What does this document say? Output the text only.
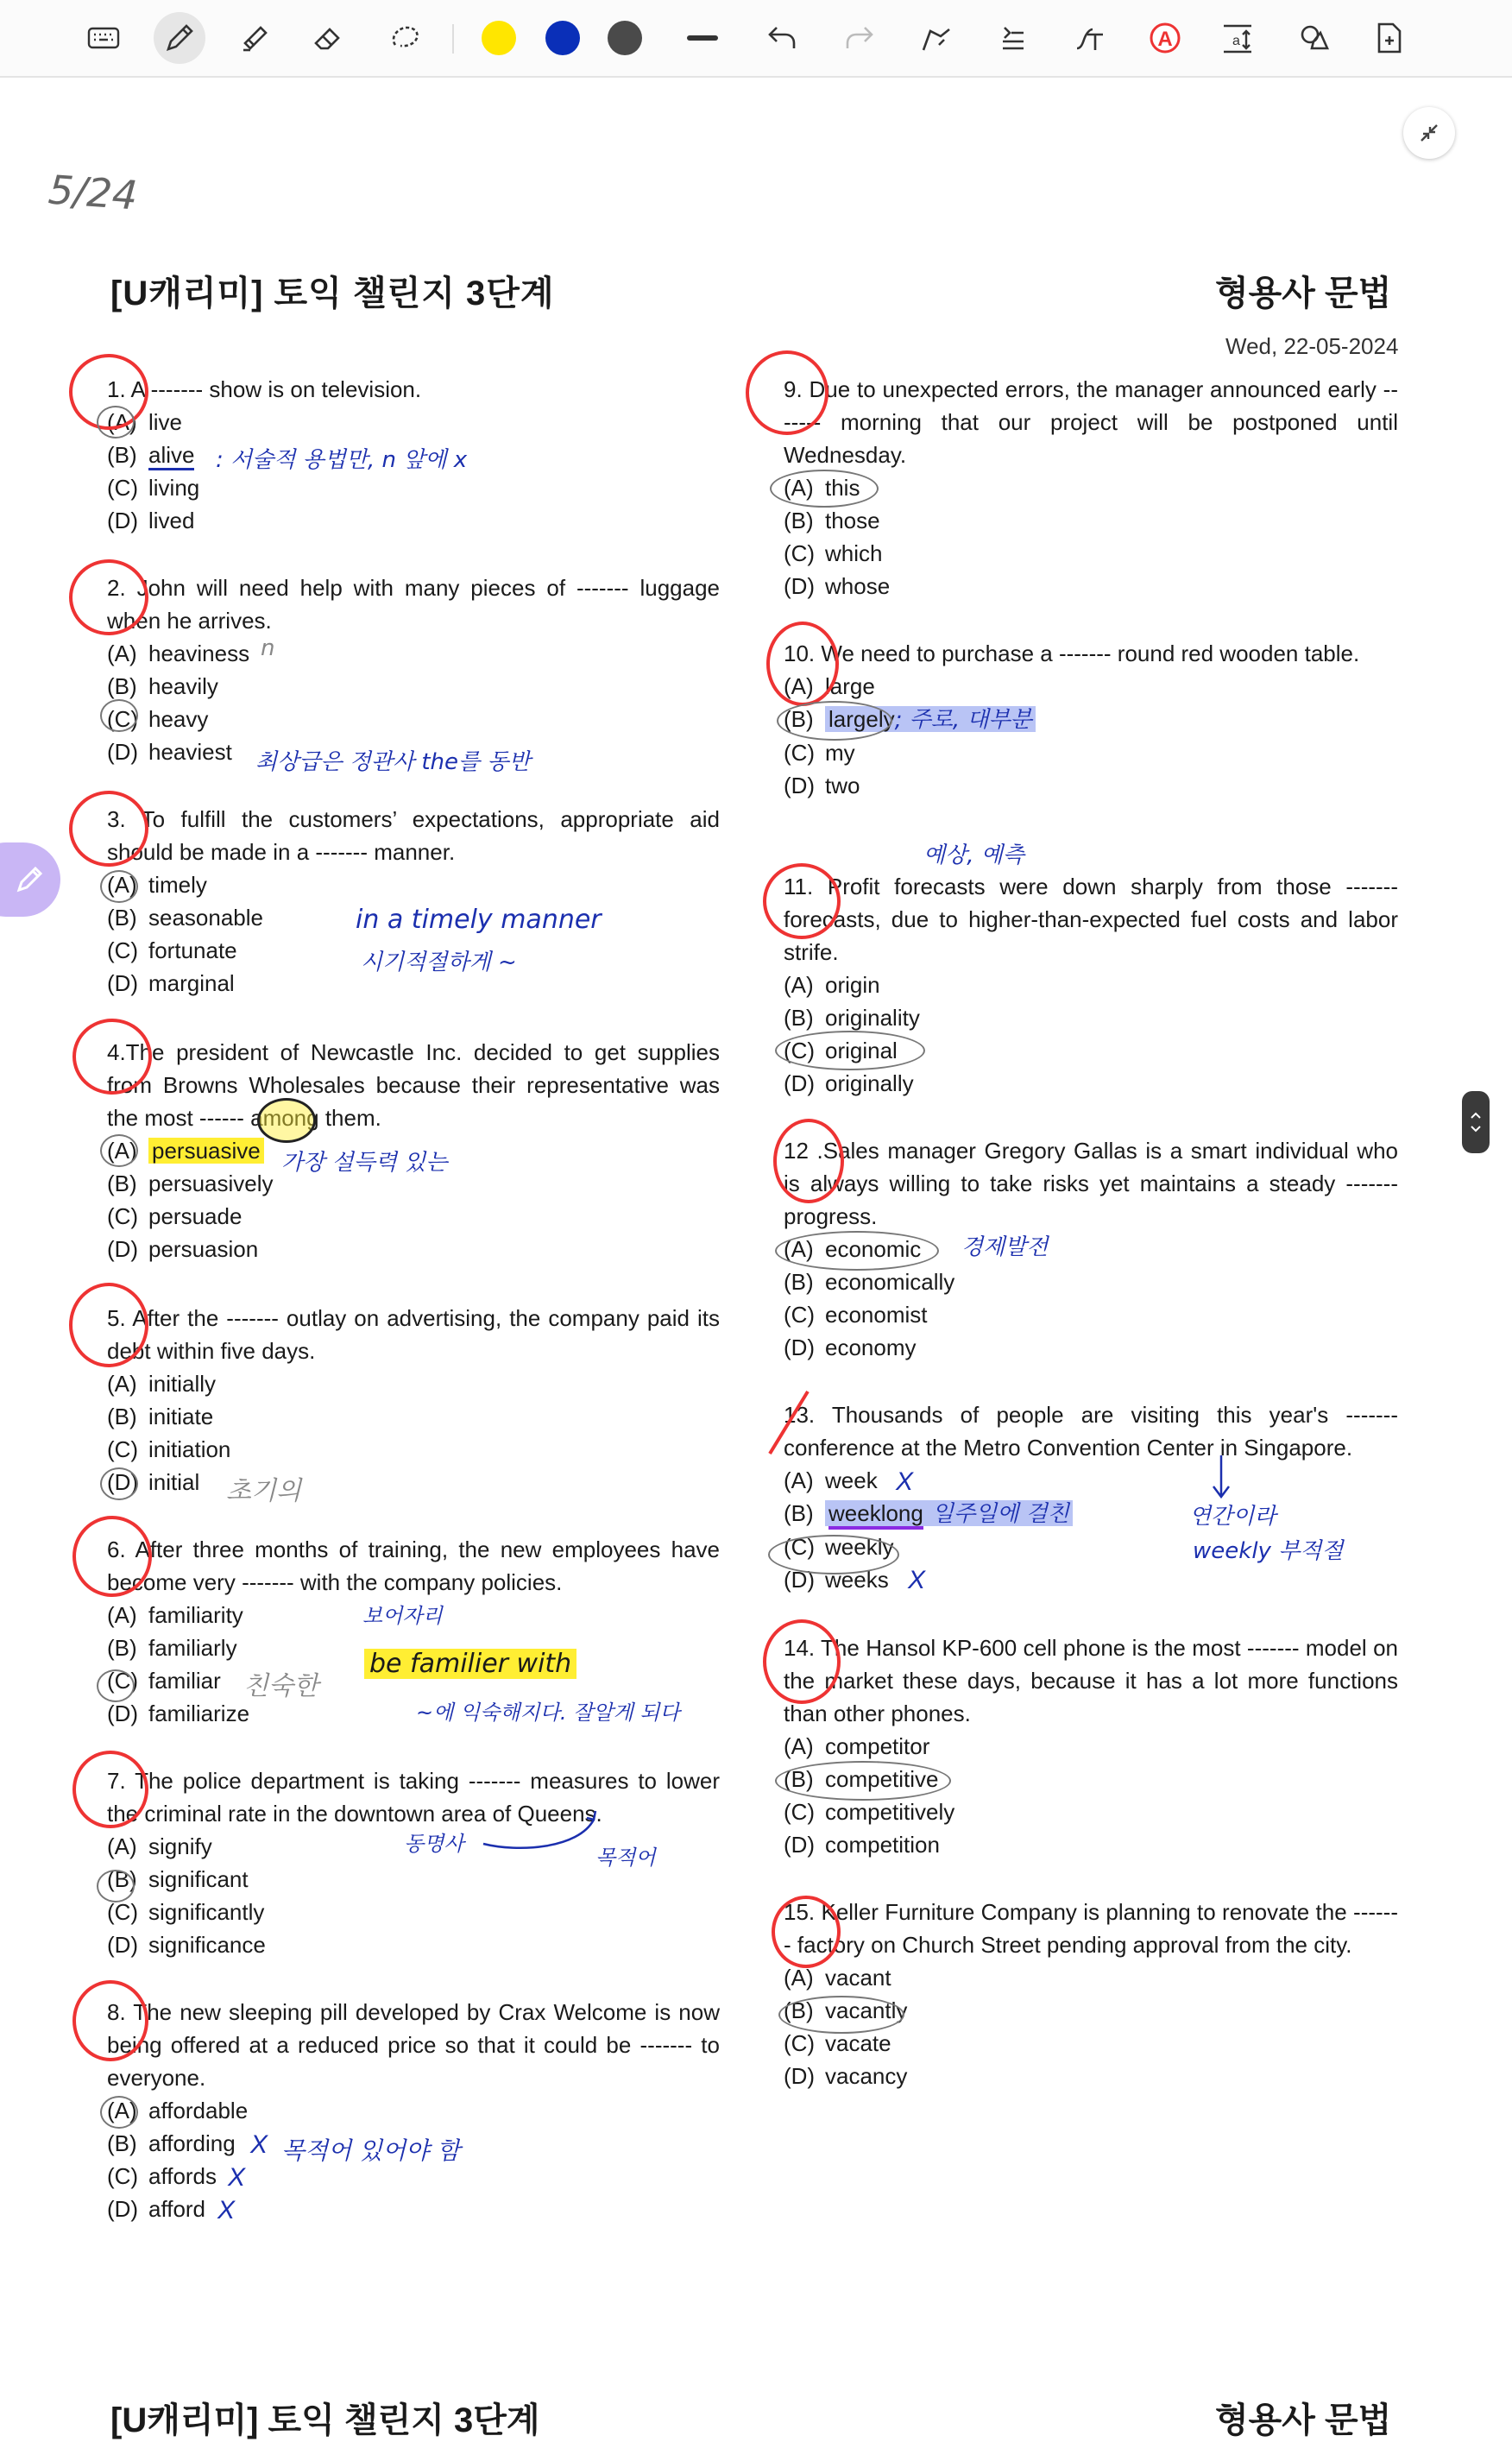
A	a
5/24
[U캐리미] 토익 챌린지 3단계	형용사 문법
Wed, 22-05-2024
1. A ------- show is on television.
(A) live
(B) alive
(C) living
(D) lived
: 서술적 용법만, n 앞에 x
2. John will need help with many pieces of ------- luggage when he arrives.
(A) heaviness
(B) heavily
(C) heavy
(D) heaviest
n
최상급은 정관사 the를 동반
3. To fulfill the customers’ expectations, appropriate aid should be made in a ------- manner.
(A) timely
(B) seasonable
(C) fortunate
(D) marginal
in a timely manner
시기적절하게 ~
4.The president of Newcastle Inc. decided to get supplies from Browns Wholesales because their representative was the most ------ among them.
(A) persuasive
(B) persuasively
(C) persuade
(D) persuasion
가장 설득력 있는
5. After the ------- outlay on advertising, the company paid its debt within five days.
(A) initially
(B) initiate
(C) initiation
(D) initial	초기의
6. After three months of training, the new employees have become very ------- with the company policies.
(A) familiarity
(B) familiarly
(C) familiar
(D) familiarize
보어자리
be familier with
~에 익숙해지다. 잘알게 되다
친숙한
7. The police department is taking ------- measures to lower the criminal rate in the downtown area of Queens.
(A) signify
(B) significant
(C) significantly
(D) significance
동명사
목적어
8. The new sleeping pill developed by Crax Welcome is now being offered at a reduced price so that it could be ------- to everyone.
(A) affordable
(B) affording
(C) affords
(D) afford
X 목적어 있어야 함
X
X
9. Due to unexpected errors, the manager announced early ------- morning that our project will be postponed until Wednesday.
(A) this
(B) those
(C) which
(D) whose
10. We need to purchase a ------- round red wooden table.
(A) large
(B) largely; 주로, 대부분
(C) my
(D) two
11. Profit forecasts were down sharply from those ------- forecasts, due to higher-than-expected fuel costs and labor strife.
(A) origin
(B) originality
(C) original
(D) originally
예상, 예측
12 .Sales manager Gregory Gallas is a smart individual who is always willing to take risks yet maintains a steady ------- progress.
(A) economic
(B) economically
(C) economist
(D) economy
경제발전
13. Thousands of people are visiting this year's ------- conference at the Metro Convention Center in Singapore.
(A) week
(B) weeklong 일주일에 걸친
(C) weekly
(D) weeks
X
X
연간이라
weekly 부적절
14. The Hansol KP-600 cell phone is the most ------- model on the market these days, because it has a lot more functions than other phones.
(A) competitor
(B) competitive
(C) competitively
(D) competition
15. Keller Furniture Company is planning to renovate the ------- factory on Church Street pending approval from the city.
(A) vacant
(B) vacantly
(C) vacate
(D) vacancy
[U캐리미] 토익 챌린지 3단계	형용사 문법
